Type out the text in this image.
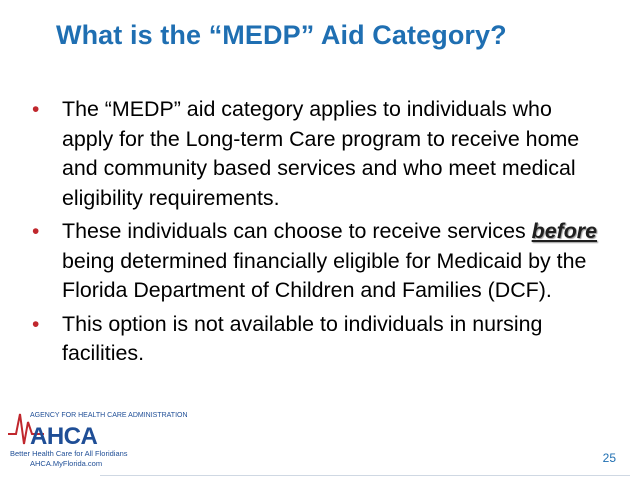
What is the “MEDP” Aid Category?
• The “MEDP” aid category applies to individuals who apply for the Long-term Care program to receive home and community based services and who meet medical eligibility requirements.
• These individuals can choose to receive services before being determined financially eligible for Medicaid by the Florida Department of Children and Families (DCF).
• This option is not available to individuals in nursing facilities.
AGENCY FOR HEALTH CARE ADMINISTRATION
AHCA
Better Health Care for All Floridians
AHCA.MyFlorida.com	25
